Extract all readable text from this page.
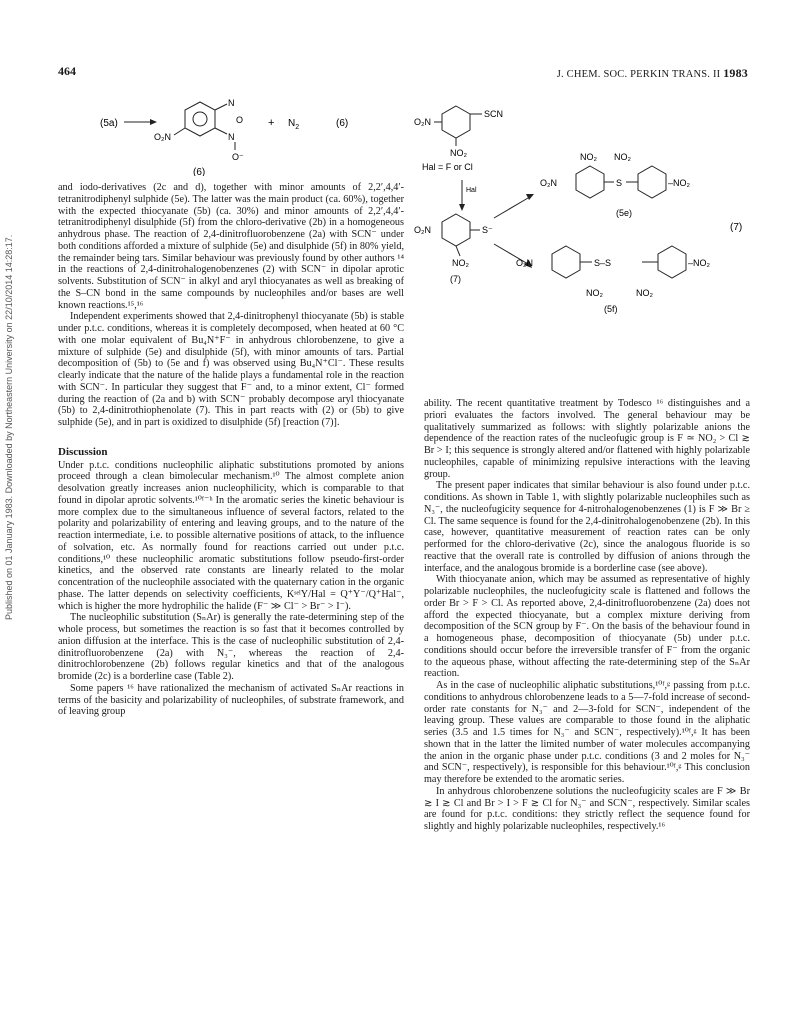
464	J. CHEM. SOC. PERKIN TRANS. II 1983
Published on 01 January 1983. Downloaded by Northeastern University on 22/10/2014 14:28:17.
(5a)
N
O
N
O₂N
O⁻
+ $N_2$	(6)
(6)
O₂N
SCN
NO₂
Hal = F or Cl
Hal
O₂N	S⁻
NO₂
(7)
O₂N	S	–NO₂
NO₂ NO₂
(5e)
O₂N	S–S	–NO₂
NO₂	NO₂
(5f)
(7)

and iodo-derivatives (2c and d), together with minor amounts of 2,2′,4,4′-tetranitrodiphenyl sulphide (5e). The latter was the main product (ca. 60%), together with the expected thiocyanate (5b) (ca. 30%) and minor amounts of 2,2′,4,4′-tetranitrodiphenyl disulphide (5f) from the chloro-derivative (2b) in a homogeneous anhydrous phase. The reaction of 2,4-dinitrofluorobenzene (2a) with SCN⁻ under both conditions afforded a mixture of sulphide (5e) and disulphide (5f) in 80% yield, the remainder being tars. Similar behaviour was previously found by other authors ¹⁴ in the reactions of 2,4-dinitrohalogenobenzenes (2) with SCN⁻ in dipolar aprotic solvents. Substitution of SCN⁻ in alkyl and aryl thiocyanates as well as breaking of the S–CN bond in the same compounds by nucleophiles and/or bases are well known reactions.¹⁵,¹⁶

Independent experiments showed that 2,4-dinitrophenyl thiocyanate (5b) is stable under p.t.c. conditions, whereas it is completely decomposed, when heated at 60 °C with one molar equivalent of Bu₄N⁺F⁻ in anhydrous chlorobenzene, to give a mixture of sulphide (5e) and disulphide (5f), with minor amounts of tars. Partial decomposition of (5b) to (5e and f) was observed using Bu₄N⁺Cl⁻. These results clearly indicate that the nature of the halide plays a fundamental role in the reaction with SCN⁻. In particular they suggest that F⁻ and, to a minor extent, Cl⁻ formed during the reaction of (2a and b) with SCN⁻ probably decompose aryl thiocyanate (5b) to 2,4-dinitrothiophenolate (7). This in part reacts with (2) or (5b) to give sulphide (5e), and in part is oxidized to disulphide (5f) [reaction (7)].

Discussion

Under p.t.c. conditions nucleophilic aliphatic substitutions promoted by anions proceed through a clean bimolecular mechanism.¹⁰ The almost complete anion desolvation greatly increases anion nucleophilicity, which is comparable to that found in dipolar aprotic solvents.¹⁰ᶠ⁻ʰ In the aromatic series the kinetic behaviour is more complex due to the simultaneous influence of several factors, related to the polarity and polarizability of entering and leaving groups, and to the nature of the reaction intermediate, i.e. to possible alternative positions of attack, to the influence of solvation, etc. As normally found for reactions carried out under p.t.c. conditions,¹⁰ these nucleophilic aromatic substitutions follow pseudo-first-order kinetics, and the observed rate constants are linearly related to the molar concentration of the nucleophile associated with the quaternary cation in the organic phase. The latter depends on selectivity coefficients, KˢᵉˡY/Hal = Q⁺Y⁻/Q⁺Hal⁻, which is higher the more hydrophilic the halide (F⁻ ≫ Cl⁻ > Br⁻ > I⁻).

The nucleophilic substitution (SₙAr) is generally the rate-determining step of the whole process, but sometimes the reaction is so fast that it becomes controlled by anion diffusion at the interface. This is the case of nucleophilic substitution of 2,4-dinitrofluorobenzene (2a) with N₃⁻, whereas the reaction of 2,4-dinitrochlorobenzene (2b) follows regular kinetics and that of the analogous bromide (2c) is a borderline case (Table 2).

Some papers ¹⁶ have rationalized the mechanism of activated SₙAr reactions in terms of the basicity and polarizability of nucleophiles, of substrate framework, and of leaving group

ability. The recent quantitative treatment by Todesco ¹⁶ distinguishes and a priori evaluates the factors involved. The general behaviour may be qualitatively summarized as follows: with slightly polarizable anions the dependence of the reaction rates of the nucleofugic group is F ≃ NO₂ > Cl ≳ Br > I; this sequence is strongly altered and/or flattened with highly polarizable nucleophiles, capable of minimizing repulsive interactions with the leaving group.

The present paper indicates that similar behaviour is also found under p.t.c. conditions. As shown in Table 1, with slightly polarizable nucleophiles such as N₃⁻, the nucleofugicity sequence for 4-nitrohalogenobenzenes (1) is F ≫ Br ≥ Cl. The same sequence is found for the 2,4-dinitrohalogenobenzene (2b). In this case, however, quantitative measurement of reaction rates can be only performed for the chloro-derivative (2c), since the analogous fluoride is so reactive that the overall rate is controlled by diffusion of anions through the interface, and the analogous bromide is a borderline case (see above).

With thiocyanate anion, which may be assumed as representative of highly polarizable nucleophiles, the nucleofugicity scale is flattened and follows the order Br > F > Cl. As reported above, 2,4-dinitrofluorobenzene (2a) does not afford the expected thiocyanate, but a complex mixture deriving from decomposition of the SCN group by F⁻. On the basis of the behaviour found in a homogeneous phase, decomposition of thiocyanate (5b) under p.t.c. conditions should occur before the irreversible transfer of F⁻ from the organic to the aqueous phase, without affecting the rate-determining step of the SₙAr reaction.

As in the case of nucleophilic aliphatic substitutions,¹⁰ᶠ,ᵍ passing from p.t.c. conditions to anhydrous chlorobenzene leads to a 5—7-fold increase of second-order rate constants for N₃⁻ and 2—3-fold for SCN⁻, independent of the leaving group. These values are comparable to those found in the aliphatic series (3.5 and 1.5 times for N₃⁻ and SCN⁻, respectively).¹⁰ᶠ,ᵍ It has been shown that in the latter the limited number of water molecules accompanying the anion in the organic phase under p.t.c. conditions (3 and 2 moles for N₃⁻ and SCN⁻, respectively), is responsible for this behaviour.¹⁰ᶠ,ᵍ This conclusion may therefore be extended to the aromatic series.

In anhydrous chlorobenzene solutions the nucleofugicity scales are F ≫ Br ≳ I ≳ Cl and Br > I > F ≳ Cl for N₃⁻ and SCN⁻, respectively. Similar scales are found for p.t.c. conditions: they strictly reflect the sequence found for slightly and highly polarizable nucleophiles, respectively.¹⁶
